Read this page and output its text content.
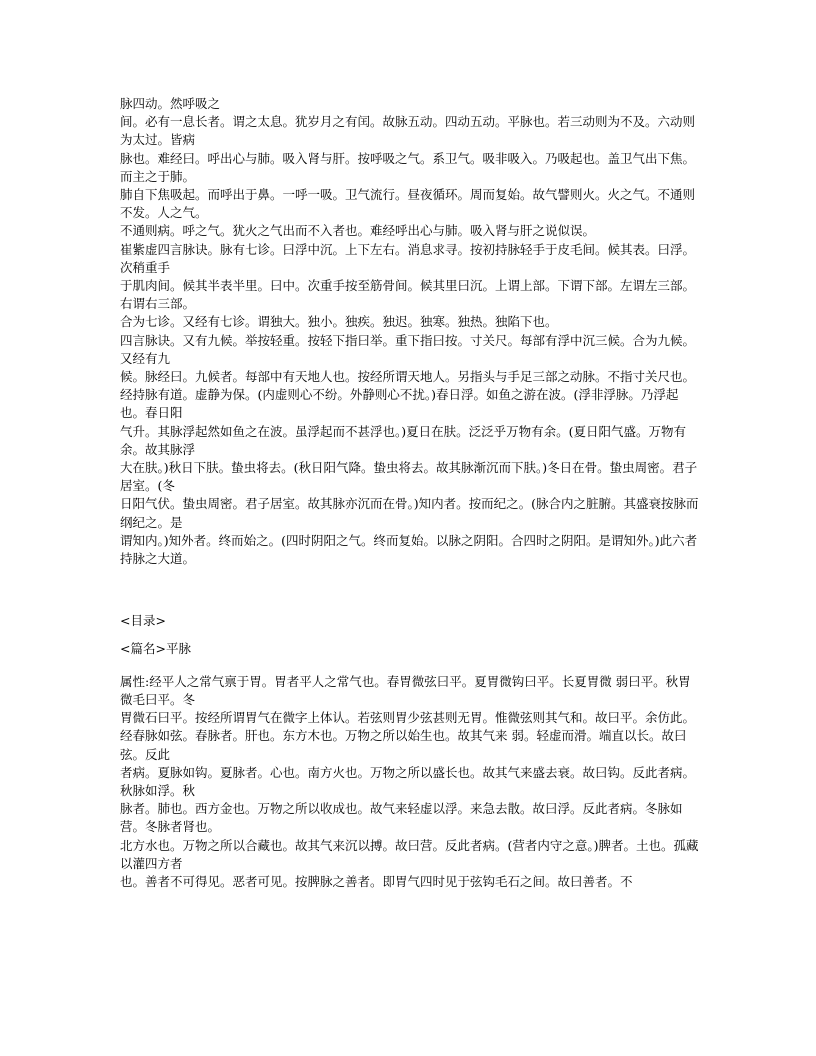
脉四动。然呼吸之
间。必有一息长者。谓之太息。犹岁月之有闰。故脉五动。四动五动。平脉也。若三动则为不及。六动则为太过。皆病
脉也。难经曰。呼出心与肺。吸入肾与肝。按呼吸之气。系卫气。吸非吸入。乃吸起也。盖卫气出下焦。而主之于肺。
肺自下焦吸起。而呼出于鼻。一呼一吸。卫气流行。昼夜循环。周而复始。故气譬则火。火之气。不通则不发。人之气。
不通则病。呼之气。犹火之气出而不入者也。难经呼出心与肺。吸入肾与肝之说似误。
崔紫虚四言脉诀。脉有七诊。曰浮中沉。上下左右。消息求寻。按初持脉轻手于皮毛间。候其表。曰浮。次稍重手
于肌肉间。候其半表半里。曰中。次重手按至筋骨间。候其里曰沉。上谓上部。下谓下部。左谓左三部。右谓右三部。
合为七诊。又经有七诊。谓独大。独小。独疾。独迟。独寒。独热。独陷下也。
四言脉诀。又有九候。举按轻重。按轻下指曰举。重下指曰按。寸关尺。每部有浮中沉三候。合为九候。又经有九
候。脉经曰。九候者。每部中有天地人也。按经所谓天地人。另指头与手足三部之动脉。不指寸关尺也。
经持脉有道。虚静为保。(内虚则心不纷。外静则心不扰。)春日浮。如鱼之游在波。(浮非浮脉。乃浮起也。春日阳
气升。其脉浮起然如鱼之在波。虽浮起而不甚浮也。)夏日在肤。泛泛乎万物有余。(夏日阳气盛。万物有余。故其脉浮
大在肤。)秋日下肤。蛰虫将去。(秋日阳气降。蛰虫将去。故其脉渐沉而下肤。)冬日在骨。蛰虫周密。君子居室。(冬
日阳气伏。蛰虫周密。君子居室。故其脉亦沉而在骨。)知内者。按而纪之。(脉合内之脏腑。其盛衰按脉而纲纪之。是
谓知内。)知外者。终而始之。(四时阴阳之气。终而复始。以脉之阴阳。合四时之阴阳。是谓知外。)此六者持脉之大道。

<目录>

<篇名>平脉

属性:经平人之常气禀于胃。胃者平人之常气也。春胃微弦曰平。夏胃微钩曰平。长夏胃微 弱曰平。秋胃微毛曰平。冬
胃微石曰平。按经所谓胃气在微字上体认。若弦则胃少弦甚则无胃。惟微弦则其气和。故曰平。余仿此。
经春脉如弦。春脉者。肝也。东方木也。万物之所以始生也。故其气来 弱。轻虚而滑。端直以长。故曰弦。反此
者病。夏脉如钩。夏脉者。心也。南方火也。万物之所以盛长也。故其气来盛去衰。故曰钩。反此者病。秋脉如浮。秋
脉者。肺也。西方金也。万物之所以收成也。故气来轻虚以浮。来急去散。故曰浮。反此者病。冬脉如营。冬脉者肾也。
北方水也。万物之所以合藏也。故其气来沉以搏。故曰营。反此者病。(营者内守之意。)脾者。土也。孤藏以灌四方者
也。善者不可得见。恶者可见。按脾脉之善者。即胃气四时见于弦钩毛石之间。故曰善者。不
